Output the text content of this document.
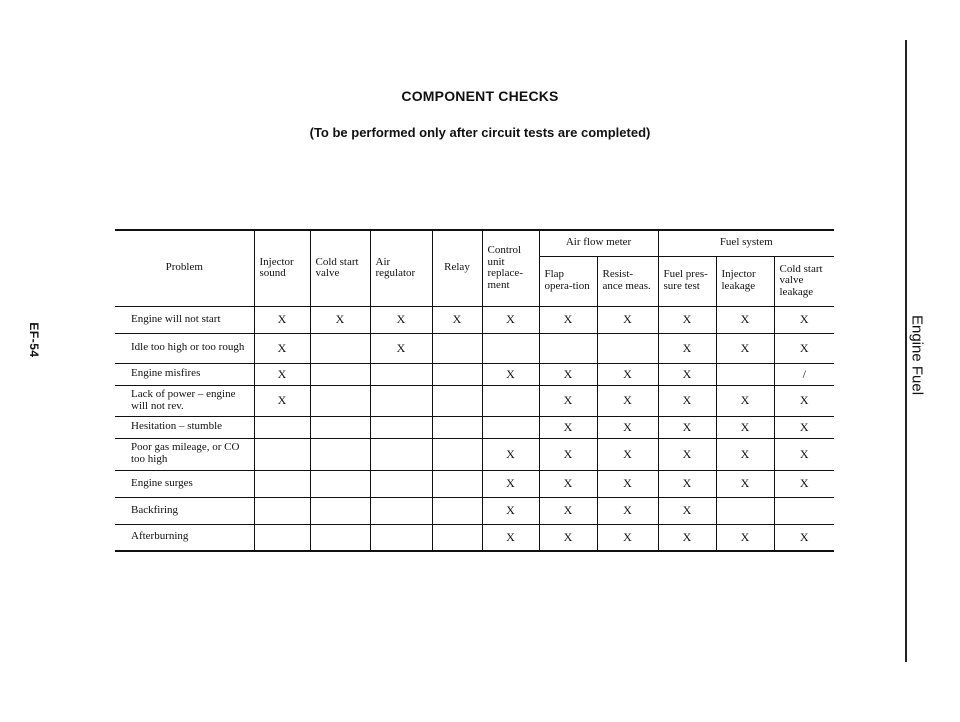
EF-54	Engine Fuel
COMPONENT CHECKS
(To be performed only after circuit tests are completed)
Problem	Injector sound	Cold start valve	Air regulator	Relay	Control unit replace-ment	Air flow meter		Fuel system		
						Flap opera-tion	Resist-ance meas.	Fuel pres-sure test	Injector leakage	Cold start valve leakage
Engine will not start	X	X	X	X	X	X	X	X	X	X
Idle too high or too rough	X		X					X	X	X
Engine misfires	X				X	X	X	X		/
Lack of power – engine will not rev.	X					X	X	X	X	X
Hesitation – stumble						X	X	X	X	X
Poor gas mileage, or CO too high					X	X	X	X	X	X
Engine surges					X	X	X	X	X	X
Backfiring					X	X	X	X		
Afterburning					X	X	X	X	X	X
